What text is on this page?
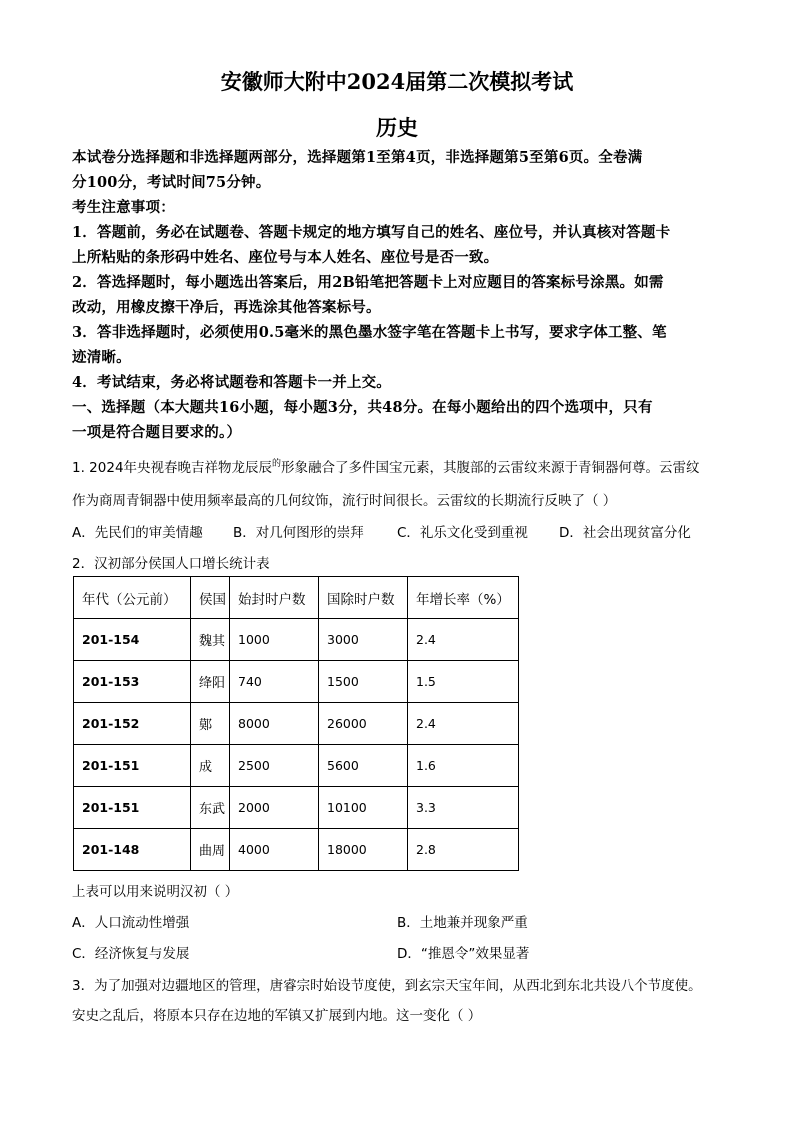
安徽师大附中2024届第二次模拟考试
历史
本试卷分选择题和非选择题两部分，选择题第1至第4页，非选择题第5至第6页。全卷满
分100分，考试时间75分钟。
考生注意事项：
1．答题前，务必在试题卷、答题卡规定的地方填写自己的姓名、座位号，并认真核对答题卡
上所粘贴的条形码中姓名、座位号与本人姓名、座位号是否一致。
2．答选择题时，每小题选出答案后，用2B铅笔把答题卡上对应题目的答案标号涂黑。如需
改动，用橡皮擦干净后，再选涂其他答案标号。
3．答非选择题时，必须使用0.5毫米的黑色墨水签字笔在答题卡上书写，要求字体工整、笔
迹清晰。
4．考试结束，务必将试题卷和答题卡一并上交。
一、选择题（本大题共16小题，每小题3分，共48分。在每小题给出的四个选项中，只有
一项是符合题目要求的。）
1. 2024年央视春晚吉祥物龙辰辰$^的$形象融合了多件国宝元素，其腹部的云雷纹来源于青铜器何尊。云雷纹
作为商周青铜器中使用频率最高的几何纹饰，流行时间很长。云雷纹的长期流行反映了（ ）
A．先民们的审美情趣 B．对几何图形的崇拜 C．礼乐文化受到重视 D．社会出现贫富分化
2．汉初部分侯国人口增长统计表
年代（公元前）	侯国	始封时户数	国除时户数	年增长率（%）
201-154	魏其	1000	3000	2.4
201-153	绛阳	740	1500	1.5
201-152	鄚	8000	26000	2.4
201-151	成	2500	5600	1.6
201-151	东武	2000	10100	3.3
201-148	曲周	4000	18000	2.8
上表可以用来说明汉初（ ）
A．人口流动性增强	B．土地兼并现象严重
C．经济恢复与发展	D．“推恩令”效果显著
3．为了加强对边疆地区的管理，唐睿宗时始设节度使，到玄宗天宝年间，从西北到东北共设八个节度使。
安史之乱后，将原本只存在边地的军镇又扩展到内地。这一变化（ ）
